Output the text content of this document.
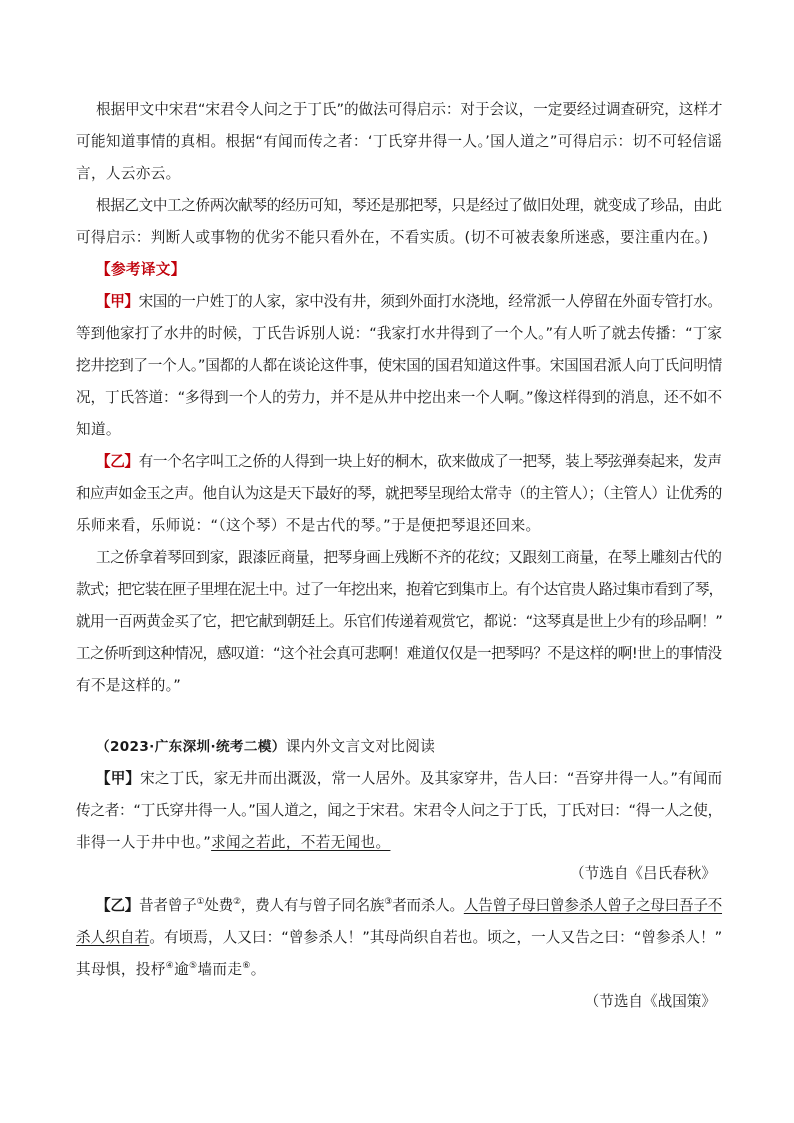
根据甲文中宋君“宋君令人问之于丁氏”的做法可得启示：对于会议，一定要经过调查研究，这样才
可能知道事情的真相。根据“有闻而传之者：‘丁氏穿井得一人。’国人道之”可得启示：切不可轻信谣
言，人云亦云。
根据乙文中工之侨两次献琴的经历可知，琴还是那把琴，只是经过了做旧处理，就变成了珍品，由此
可得启示：判断人或事物的优劣不能只看外在，不看实质。(切不可被表象所迷惑，要注重内在。)
【参考译文】
【甲】宋国的一户姓丁的人家，家中没有井，须到外面打水浇地，经常派一人停留在外面专管打水。
等到他家打了水井的时候，丁氏告诉别人说：“我家打水井得到了一个人。”有人听了就去传播：“丁家
挖井挖到了一个人。”国都的人都在谈论这件事，使宋国的国君知道这件事。宋国国君派人向丁氏问明情
况，丁氏答道：“多得到一个人的劳力，并不是从井中挖出来一个人啊。”像这样得到的消息，还不如不
知道。
【乙】有一个名字叫工之侨的人得到一块上好的桐木，砍来做成了一把琴，装上琴弦弹奏起来，发声
和应声如金玉之声。他自认为这是天下最好的琴，就把琴呈现给太常寺（的主管人）；（主管人）让优秀的
乐师来看，乐师说：“（这个琴）不是古代的琴。”于是便把琴退还回来。
工之侨拿着琴回到家，跟漆匠商量，把琴身画上残断不齐的花纹；又跟刻工商量，在琴上雕刻古代的
款式；把它装在匣子里埋在泥土中。过了一年挖出来，抱着它到集市上。有个达官贵人路过集市看到了琴，
就用一百两黄金买了它，把它献到朝廷上。乐官们传递着观赏它，都说：“这琴真是世上少有的珍品啊！”
工之侨听到这种情况，感叹道：“这个社会真可悲啊！难道仅仅是一把琴吗？不是这样的啊!世上的事情没
有不是这样的。”
（2023·广东深圳·统考二模）课内外文言文对比阅读
【甲】宋之丁氏，家无井而出溉汲，常一人居外。及其家穿井，告人曰：“吾穿井得一人。”有闻而
传之者：“丁氏穿井得一人。”国人道之，闻之于宋君。宋君令人问之于丁氏，丁氏对曰：“得一人之使，
非得一人于井中也。”求闻之若此，不若无闻也。
（节选自《吕氏春秋》
【乙】昔者曾子①处费②，费人有与曾子同名族③者而杀人。人告曾子母曰曾参杀人曾子之母曰吾子不
杀人织自若。有顷焉，人又曰：“曾参杀人！”其母尚织自若也。顷之，一人又告之曰：“曾参杀人！”
其母惧，投杼④逾⑤墙而走⑥。
（节选自《战国策》
